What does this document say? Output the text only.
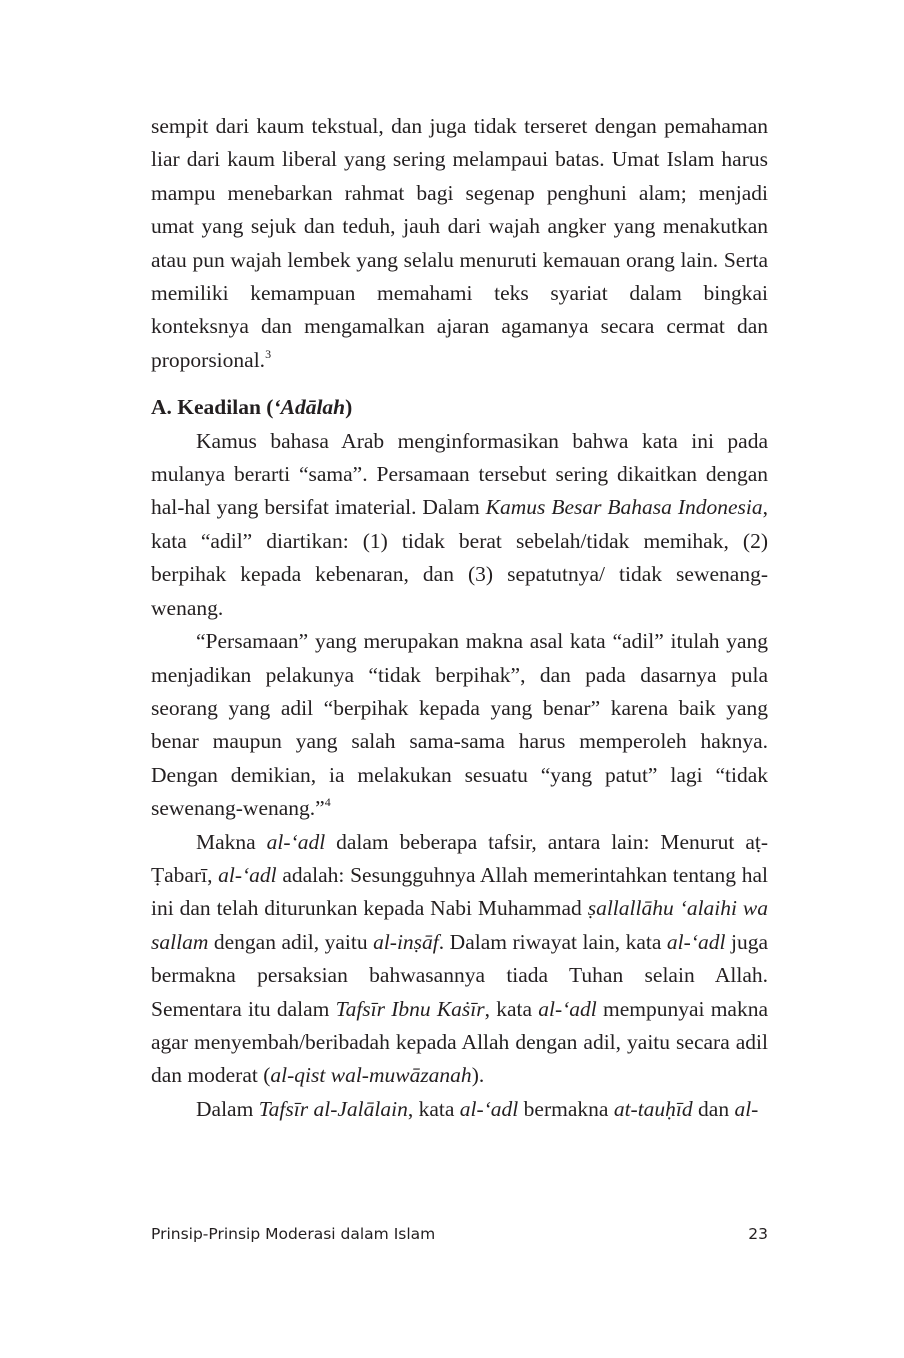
sempit dari kaum tekstual, dan juga tidak terseret dengan pemahaman liar dari kaum liberal yang sering melampaui batas. Umat Islam harus mampu menebarkan rahmat bagi segenap penghuni alam; menjadi umat yang sejuk dan teduh, jauh dari wajah angker yang menakutkan atau pun wajah lembek yang selalu menuruti kemauan orang lain. Serta memiliki kemampuan memahami teks syariat dalam bingkai konteksnya dan mengamalkan ajaran agamanya secara cermat dan proporsional.$^3$

A. Keadilan (‘Adālah)

Kamus bahasa Arab menginformasikan bahwa kata ini pada mulanya berarti “sama”. Persamaan tersebut sering dikaitkan dengan hal-hal yang bersifat imaterial. Dalam Kamus Besar Bahasa Indonesia, kata “adil” diartikan: (1) tidak berat sebelah/tidak memihak, (2) berpihak kepada kebenaran, dan (3) sepatutnya/ tidak sewenang-wenang.

“Persamaan” yang merupakan makna asal kata “adil” itulah yang menjadikan pelakunya “tidak berpihak”, dan pada dasarnya pula seorang yang adil “berpihak kepada yang benar” karena baik yang benar maupun yang salah sama-sama harus memperoleh haknya. Dengan demikian, ia melakukan sesuatu “yang patut” lagi “tidak sewenang-wenang.”$^4$

Makna al-‘adl dalam beberapa tafsir, antara lain: Menurut aṭ-Ṭabarī, al-‘adl adalah: Sesungguhnya Allah memerintahkan tentang hal ini dan telah diturunkan kepada Nabi Muhammad ṣallallāhu ‘alaihi wa sallam dengan adil, yaitu al-inṣāf. Dalam riwayat lain, kata al-‘adl juga bermakna persaksian bahwasannya tiada Tuhan selain Allah. Sementara itu dalam Tafsīr Ibnu Kaṡīr, kata al-‘adl mempunyai makna agar menyembah/beribadah kepada Allah dengan adil, yaitu secara adil dan moderat (al-qist wal-muwāzanah).

Dalam Tafsīr al-Jalālain, kata al-‘adl bermakna at-tauḥīd dan al-

Prinsip-Prinsip Moderasi dalam Islam	23
